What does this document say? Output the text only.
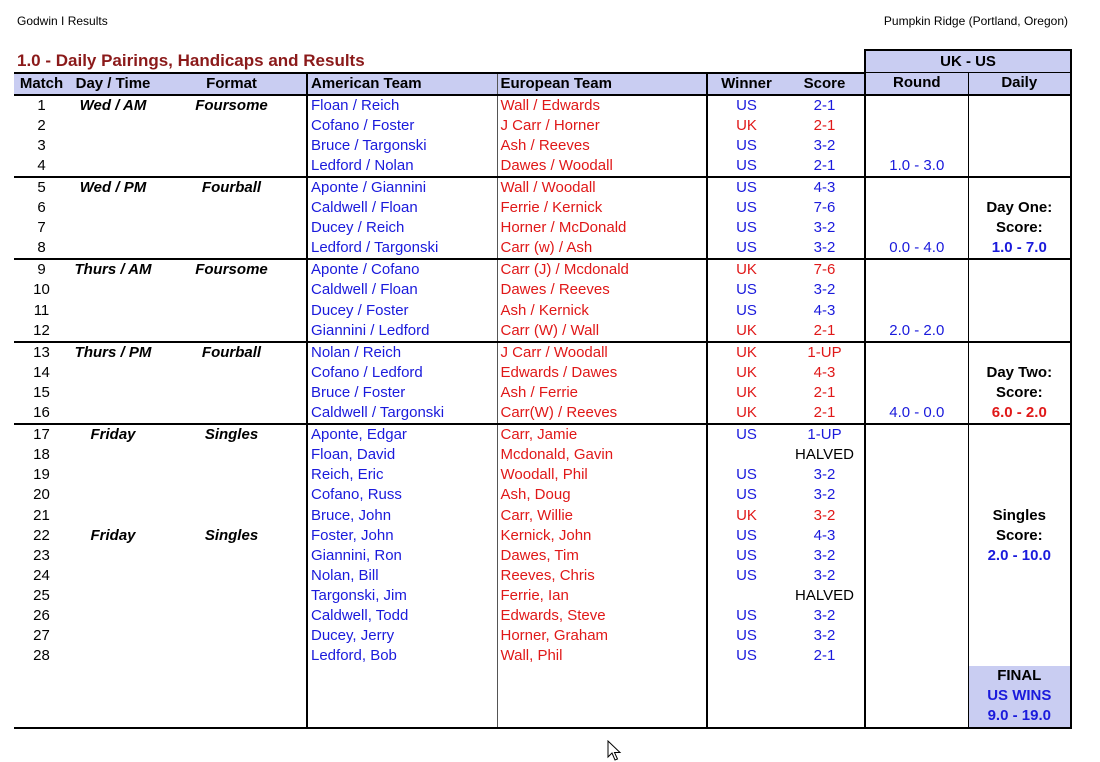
Godwin I Results	Pumpkin Ridge (Portland, Oregon)
1.0 - Daily Pairings, Handicaps and Results							UK - US	
Match	Day / Time	Format	American Team	European Team	Winner	Score	Round	Daily
1	Wed / AM	Foursome	Floan / Reich	Wall / Edwards	US	2-1		
2			Cofano / Foster	J Carr / Horner	UK	2-1		
3			Bruce / Targonski	Ash / Reeves	US	3-2		
4			Ledford / Nolan	Dawes / Woodall	US	2-1	1.0 - 3.0	
5	Wed / PM	Fourball	Aponte / Giannini	Wall / Woodall	US	4-3		
6			Caldwell / Floan	Ferrie / Kernick	US	7-6		Day One:
7			Ducey / Reich	Horner / McDonald	US	3-2		Score:
8			Ledford / Targonski	Carr (w) / Ash	US	3-2	0.0 - 4.0	1.0 - 7.0
9	Thurs / AM	Foursome	Aponte / Cofano	Carr (J) / Mcdonald	UK	7-6		
10			Caldwell / Floan	Dawes / Reeves	US	3-2		
11			Ducey / Foster	Ash / Kernick	US	4-3		
12			Giannini / Ledford	Carr (W) / Wall	UK	2-1	2.0 - 2.0	
13	Thurs / PM	Fourball	Nolan / Reich	J Carr / Woodall	UK	1-UP		
14			Cofano / Ledford	Edwards / Dawes	UK	4-3		Day Two:
15			Bruce / Foster	Ash / Ferrie	UK	2-1		Score:
16			Caldwell / Targonski	Carr(W) / Reeves	UK	2-1	4.0 - 0.0	6.0 - 2.0
17	Friday	Singles	Aponte, Edgar	Carr, Jamie	US	1-UP		
18			Floan, David	Mcdonald, Gavin		HALVED		
19			Reich, Eric	Woodall, Phil	US	3-2		
20			Cofano, Russ	Ash, Doug	US	3-2		
21			Bruce, John	Carr, Willie	UK	3-2		Singles
22	Friday	Singles	Foster, John	Kernick, John	US	4-3		Score:
23			Giannini, Ron	Dawes, Tim	US	3-2		2.0 - 10.0
24			Nolan, Bill	Reeves, Chris	US	3-2		
25			Targonski, Jim	Ferrie, Ian		HALVED		
26			Caldwell, Todd	Edwards, Steve	US	3-2		
27			Ducey, Jerry	Horner, Graham	US	3-2		
28			Ledford, Bob	Wall, Phil	US	2-1		
								FINAL
								US WINS
								9.0 - 19.0
